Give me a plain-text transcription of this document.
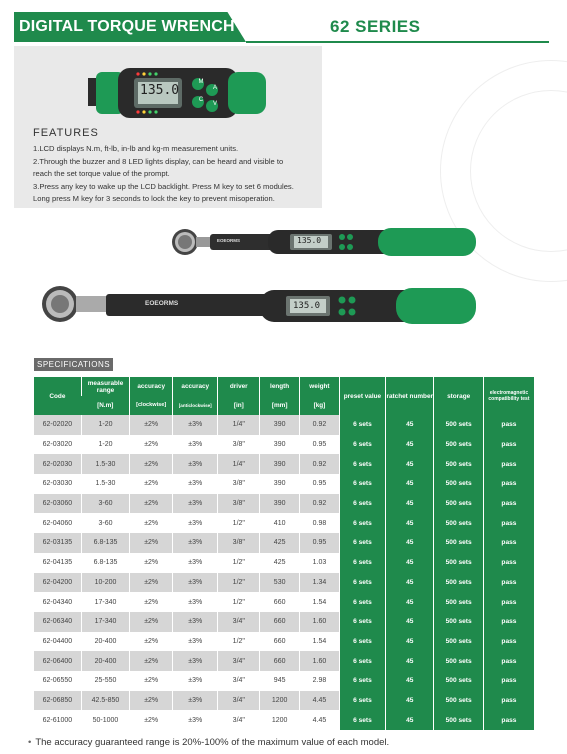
DIGITAL TORQUE WRENCH	62 SERIES
135.0
M
A
C
V
FEATURES
1.LCD displays N.m, ft-lb, in-lb and kg-m measurement units.
2.Through the buzzer and 8 LED lights display, can be heard and visible to
reach the set torque value of the prompt.
3.Press any key to wake up the LCD backlight. Press M key to set 6 modules.
Long press M key for 3 seconds to lock the key to prevent misoperation.
EOEORMS	135.0
EOEORMS	135.0
SPECIFICATIONS
Code	measurable range	accuracy	accuracy	driver	length	weight	preset value	ratchet number	storage	electromagnetic compatibility test
	[N.m]	[clockwise]	[anticlockwise]	[in]	[mm]	[kg]				
62-02020	1-20	±2%	±3%	1/4"	390	0.92	6 sets	45	500 sets	pass
62-03020	1-20	±2%	±3%	3/8"	390	0.95	6 sets	45	500 sets	pass
62-02030	1.5-30	±2%	±3%	1/4"	390	0.92	6 sets	45	500 sets	pass
62-03030	1.5-30	±2%	±3%	3/8"	390	0.95	6 sets	45	500 sets	pass
62-03060	3-60	±2%	±3%	3/8"	390	0.92	6 sets	45	500 sets	pass
62-04060	3-60	±2%	±3%	1/2"	410	0.98	6 sets	45	500 sets	pass
62-03135	6.8-135	±2%	±3%	3/8"	425	0.95	6 sets	45	500 sets	pass
62-04135	6.8-135	±2%	±3%	1/2"	425	1.03	6 sets	45	500 sets	pass
62-04200	10-200	±2%	±3%	1/2"	530	1.34	6 sets	45	500 sets	pass
62-04340	17-340	±2%	±3%	1/2"	660	1.54	6 sets	45	500 sets	pass
62-06340	17-340	±2%	±3%	3/4"	660	1.60	6 sets	45	500 sets	pass
62-04400	20-400	±2%	±3%	1/2"	660	1.54	6 sets	45	500 sets	pass
62-06400	20-400	±2%	±3%	3/4"	660	1.60	6 sets	45	500 sets	pass
62-06550	25-550	±2%	±3%	3/4"	945	2.98	6 sets	45	500 sets	pass
62-06850	42.5-850	±2%	±3%	3/4"	1200	4.45	6 sets	45	500 sets	pass
62-61000	50-1000	±2%	±3%	3/4"	1200	4.45	6 sets	45	500 sets	pass
• The accuracy guaranteed range is 20%-100% of the maximum value of each model.
